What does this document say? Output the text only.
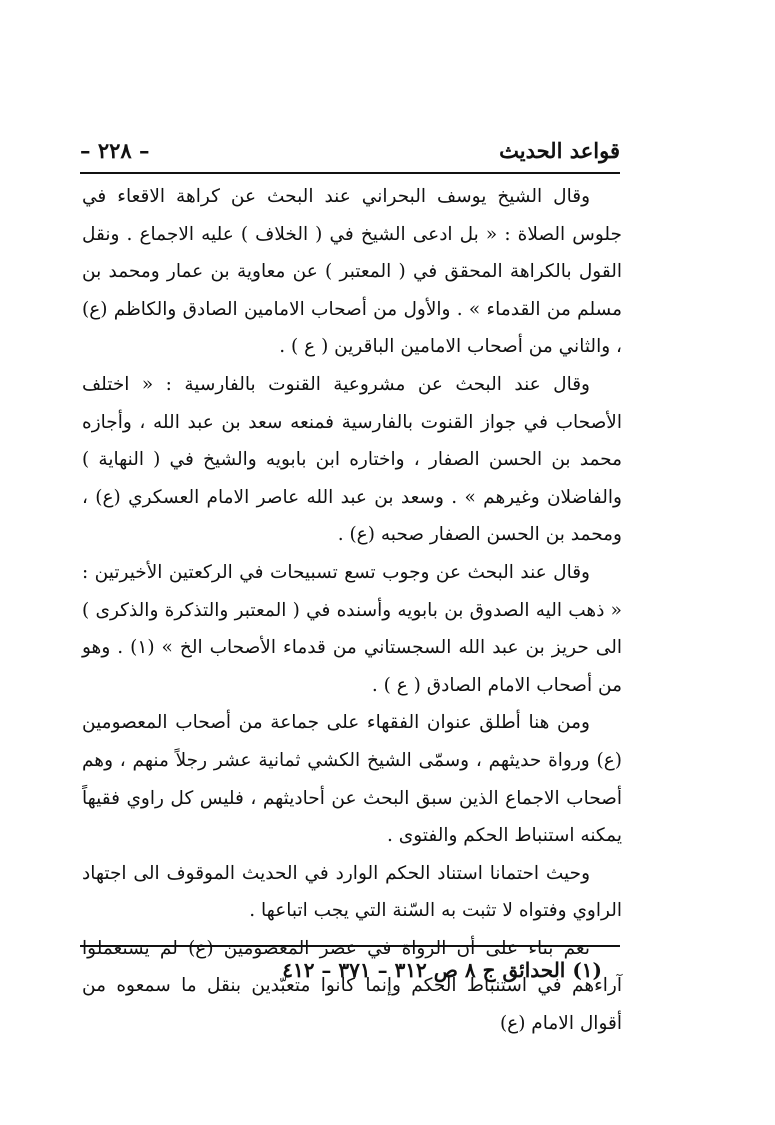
– ٢٢٨ –	قواعد الحديث
وقال الشيخ يوسف البحراني عند البحث عن كراهة الاقعاء في جلوس الصلاة : « بل ادعى الشيخ في ( الخلاف ) عليه الاجماع . ونقل القول بالكراهة المحقق في ( المعتبر ) عن معاوية بن عمار ومحمد بن مسلم من القدماء » . والأول من أصحاب الامامين الصادق والكاظم (ع) ، والثاني من أصحاب الامامين الباقرين ( ع ) .
وقال عند البحث عن مشروعية القنوت بالفارسية : « اختلف الأصحاب في جواز القنوت بالفارسية فمنعه سعد بن عبد الله ، وأجازه محمد بن الحسن الصفار ، واختاره ابن بابويه والشيخ في ( النهاية ) والفاضلان وغيرهم » . وسعد بن عبد الله عاصر الامام العسكري (ع) ، ومحمد بن الحسن الصفار صحبه (ع) .
وقال عند البحث عن وجوب تسع تسبيحات في الركعتين الأخيرتين : « ذهب اليه الصدوق بن بابويه وأسنده في ( المعتبر والتذكرة والذكرى ) الى حريز بن عبد الله السجستاني من قدماء الأصحاب الخ » (١) . وهو من أصحاب الامام الصادق ( ع ) .
ومن هنا أطلق عنوان الفقهاء على جماعة من أصحاب المعصومين (ع) ورواة حديثهم ، وسمّى الشيخ الكشي ثمانية عشر رجلاً منهم ، وهم أصحاب الاجماع الذين سبق البحث عن أحاديثهم ، فليس كل راوي فقيهاً يمكنه استنباط الحكم والفتوى .
وحيث احتمانا استناد الحكم الوارد في الحديث الموقوف الى اجتهاد الراوي وفتواه لا تثبت به السّنة التي يجب اتباعها .
نعم بناء على أن الرواة في عصر المعصومين (ع) لم يستعملوا آراءهم في استنباط الحكم وإنما كانوا متعبّدين بنقل ما سمعوه من أقوال الامام (ع)
(١) الحدائق ج ٨ ص ٣١٢ – ٣٧١ – ٤١٢
